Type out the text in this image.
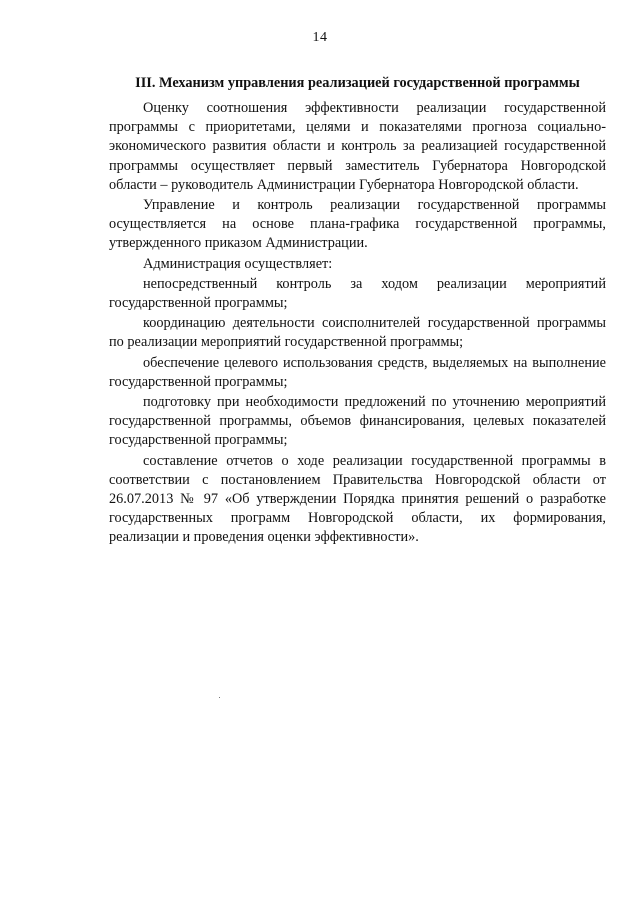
14
III. Механизм управления реализацией государственной программы

Оценку соотношения эффективности реализации государственной программы с приоритетами, целями и показателями прогноза социально-экономического развития области и контроль за реализацией государственной программы осуществляет первый заместитель Губернатора Новгородской области – руководитель Администрации Губернатора Новгородской области.

Управление и контроль реализации государственной программы осуществляется на основе плана-графика государственной программы, утвержденного приказом Администрации.

Администрация осуществляет:

непосредственный контроль за ходом реализации мероприятий государственной программы;

координацию деятельности соисполнителей государственной программы по реализации мероприятий государственной программы;

обеспечение целевого использования средств, выделяемых на выполнение государственной программы;

подготовку при необходимости предложений по уточнению мероприятий государственной программы, объемов финансирования, целевых показателей государственной программы;

составление отчетов о ходе реализации государственной программы в соответствии с постановлением Правительства Новгородской области от 26.07.2013 № 97 «Об утверждении Порядка принятия решений о разработке государственных программ Новгородской области, их формирования, реализации и проведения оценки эффективности».
